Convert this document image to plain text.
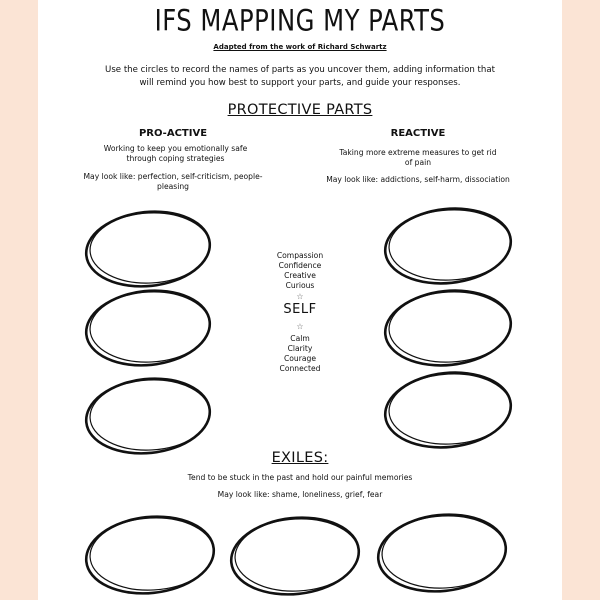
IFS MAPPING MY PARTS
Adapted from the work of Richard Schwartz
Use the circles to record the names of parts as you uncover them, adding information that will remind you how best to support your parts, and guide your responses.
PROTECTIVE PARTS
PRO-ACTIVE
Working to keep you emotionally safe through coping strategies
May look like: perfection, self-criticism, people-pleasing
REACTIVE
Taking more extreme measures to get rid of pain
May look like: addictions, self-harm, dissociation
Compassion
Confidence
Creative
Curious
☆
SELF
☆
Calm
Clarity
Courage
Connected
EXILES:
Tend to be stuck in the past and hold our painful memories
May look like: shame, loneliness, grief, fear
